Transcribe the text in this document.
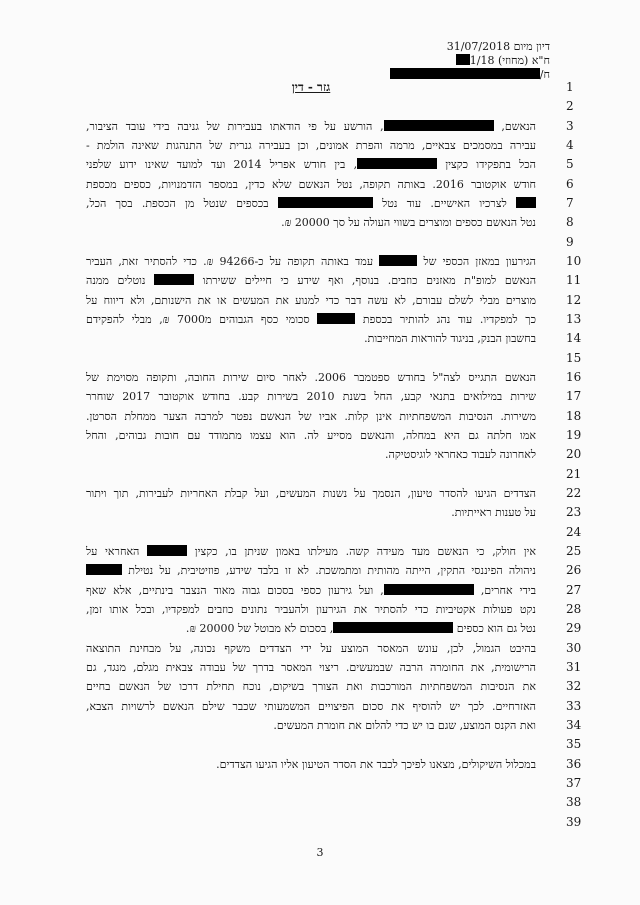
דיון מיום 31/07/2018
ח"א (מחוזי) 1/18
ח/
גזר - דין	1
2
3
4
5
6
7
8
9
10
11
12
13
14
15
16
17
18
19
20
21
22
23
24
25
26
27
28
29
30
31
32
33
34
35
36
37
38
39
הנאשם, , הורשע על פי הודאתו בעבירות של גניבה בידי עובד הציבור,
עבירה במסמכים צבאיים, מרמה והפרת אמונים, וכן בעבירה גנרית של התנהגות שאינה הולמת -
הכל בתפקידו כקצין , בין חודש אפריל 2014 ועד למועד שאינו ידוע שלפני
חודש אוקטובר 2016. באותה תקופה, נטל הנאשם שלא כדין, במספר הזדמנויות, כספים מכספת
לצרכיו האישיים. עוד נטל  בכספים שנטל מן הכספת. בסך הכל,
נטל הנאשם כספים ומוצרים בשווי העולה על סך 20000 ₪.
הגירעון במאזן הכספי של  עמד באותה תקופה על כ-94266 ₪. כדי להסתיר זאת, העביר
הנאשם למופ"ת מאזנים כוזבים. בנוסף, ואף שידע כי חיילים ששירתו  נוטלים ממנה
מוצרים מבלי לשלם עבורם, לא עשה דבר כדי למנוע את המעשים או את הישנותם, ולא דיווח על
כך למפקדיו. עוד נהג להותיר בכספת  סכומי כסף הגבוהים מ7000 ₪, מבלי להפקידם
בחשבון הבנק, בניגוד להוראות המחייבות.
הנאשם התגייס לצה"ל בחודש ספטמבר 2006. לאחר סיום שירות החובה, ותקופה מסוימת של
שירות במילואים בתנאי קבע, החל בשנת 2010 בשירות קבע. בחודש אוקטובר 2017 שוחרר
משירות. הנסיבות המשפחתיות אינן קלות. אביו של הנאשם נפטר למרבה הצער ממחלת הסרטן.
אמו חלתה גם היא במחלה, והנאשם מסייע לה. הוא עצמו מתמודד עם חובות גבוהים, והחל
לאחרונה לעבוד כאחראי לוגיסטיקה.
הצדדים הגיעו להסדר טיעון, הנסמך על נשנות המעשים, ועל קבלת האחריות לעבירות, תוך ויתור
על טענות ראייתיות.
אין חולק, כי הנאשם מעד מעידה קשה. מעילתו באמון שניתן בו, כקצין  האחראי על
ניהולה הפיננסי התקין, הייתה מהותית ומתמשכת. לא זו בלבד שידע, פוזיטיבית, על נטילת
בידי אחרים, , ועל גירעון כספי בסכום גבוה מאוד הנצבר בינתיים, אלא שאף
נקט פעולות אקטיביות כדי להסתיר את הגירעון ולהעביר נתונים כוזבים למפקדיו, ובכל אותו זמן,
נטל גם הוא כספים , בסכום לא מבוטל של 20000 ₪.
בהיבט הגמול, לכן, עונש המאסר המוצע על ידי הצדדים משקף נכונה, על מבחינת התוצאה
הרישומית, את החומרה הרבה שבמעשים. ריצוי המאסר בדרך של עבודה צבאית מגלם, מנגד, גם
את הנסיבות המשפחתיות המורכבות ואת הצורך בשיקום, נוכח תחילת דרכו של הנאשם בחיים
האזרחיים. לכך יש להוסיף את סכום הפיצויים המשמעותי שכבר שילם הנאשם לרשויות הצבא,
ואת הקנס המוצע, שגם בו יש כדי להלום את חומרת המעשים.
במכלול השיקולים, מצאנו לפיכך לכבד את הסדר הטיעון אליו הגיעו הצדדים.
3
